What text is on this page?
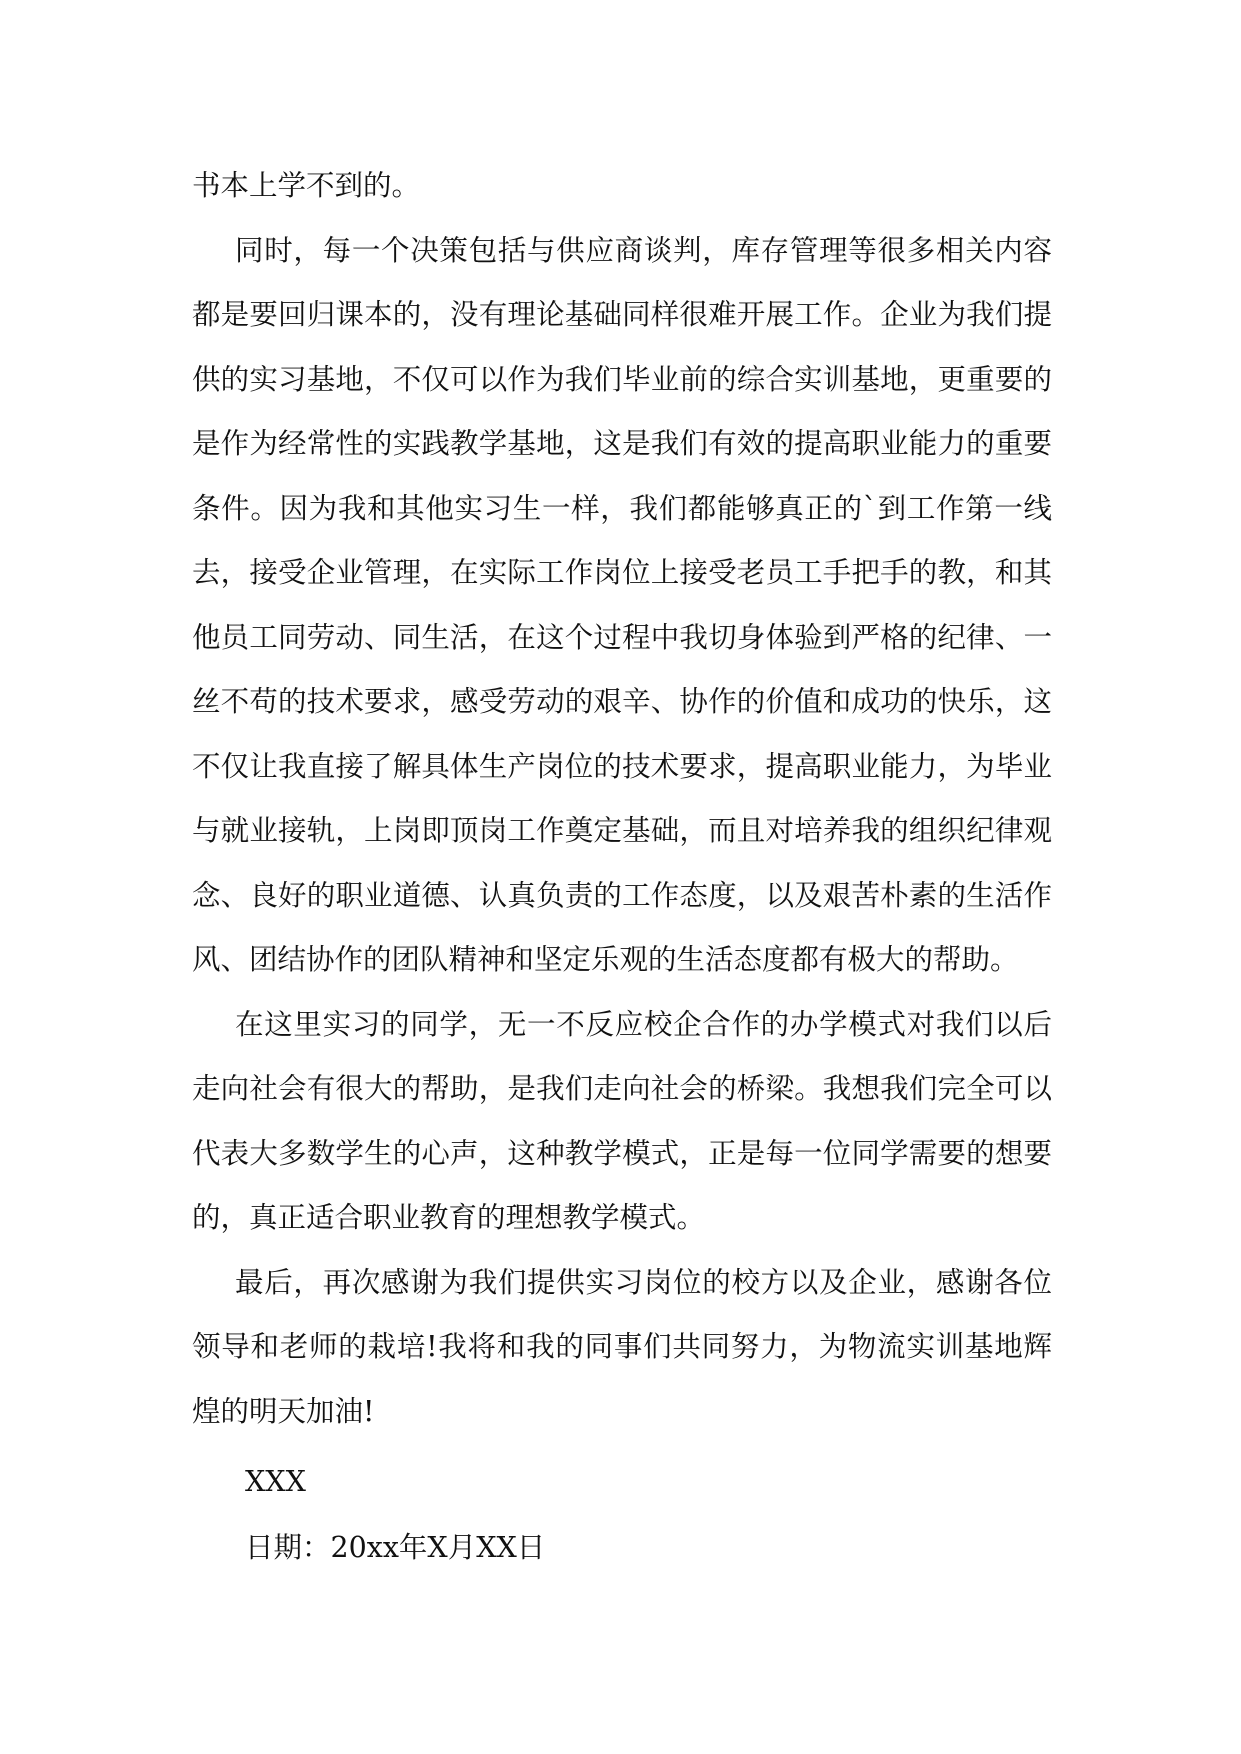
书本上学不到的。

同时，每一个决策包括与供应商谈判，库存管理等很多相关内容都是要回归课本的，没有理论基础同样很难开展工作。企业为我们提供的实习基地，不仅可以作为我们毕业前的综合实训基地，更重要的是作为经常性的实践教学基地，这是我们有效的提高职业能力的重要条件。因为我和其他实习生一样，我们都能够真正的`到工作第一线去，接受企业管理，在实际工作岗位上接受老员工手把手的教，和其他员工同劳动、同生活，在这个过程中我切身体验到严格的纪律、一丝不苟的技术要求，感受劳动的艰辛、协作的价值和成功的快乐，这不仅让我直接了解具体生产岗位的技术要求，提高职业能力，为毕业与就业接轨，上岗即顶岗工作奠定基础，而且对培养我的组织纪律观念、良好的职业道德、认真负责的工作态度，以及艰苦朴素的生活作风、团结协作的团队精神和坚定乐观的生活态度都有极大的帮助。

在这里实习的同学，无一不反应校企合作的办学模式对我们以后走向社会有很大的帮助，是我们走向社会的桥梁。我想我们完全可以代表大多数学生的心声，这种教学模式，正是每一位同学需要的想要的，真正适合职业教育的理想教学模式。

最后，再次感谢为我们提供实习岗位的校方以及企业，感谢各位领导和老师的栽培!我将和我的同事们共同努力，为物流实训基地辉煌的明天加油!

XXX
日期：20xx年X月XX日
